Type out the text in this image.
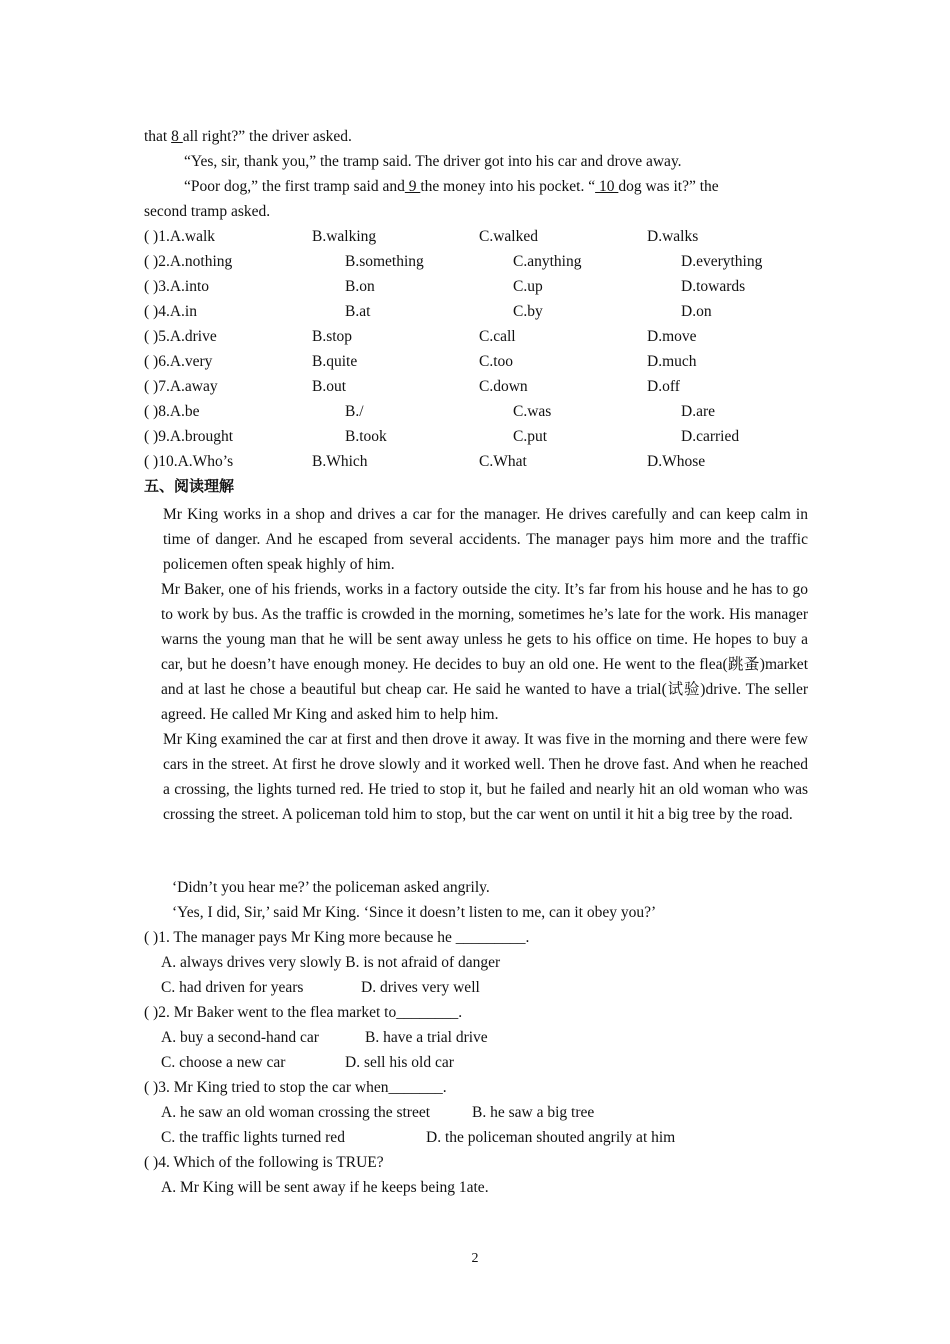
that 8 all right?” the driver asked.
“Yes, sir, thank you,” the tramp said. The driver got into his car and drove away.
“Poor dog,” the first tramp said and 9 the money into his pocket. “ 10 dog was it?” the
second tramp asked.
( )1.A.walk	B.walking	C.walked	D.walks
( )2.A.nothing	B.something	C.anything	D.everything
( )3.A.into	B.on	C.up	D.towards
( )4.A.in	B.at	C.by	D.on
( )5.A.drive	B.stop	C.call	D.move
( )6.A.very	B.quite	C.too	D.much
( )7.A.away	B.out	C.down	D.off
( )8.A.be	B./	C.was	D.are
( )9.A.brought	B.took	C.put	D.carried
( )10.A.Who’s	B.Which	C.What	D.Whose
五、阅读理解
Mr King works in a shop and drives a car for the manager. He drives carefully and can keep calm in time of danger. And he escaped from several accidents. The manager pays him more and the traffic policemen often speak highly of him.
Mr Baker, one of his friends, works in a factory outside the city. It’s far from his house and he has to go to work by bus. As the traffic is crowded in the morning, sometimes he’s late for the work. His manager warns the young man that he will be sent away unless he gets to his office on time. He hopes to buy a car, but he doesn’t have enough money. He decides to buy an old one. He went to the flea(跳蚤)market and at last he chose a beautiful but cheap car. He said he wanted to have a trial(试验)drive. The seller agreed. He called Mr King and asked him to help him.
Mr King examined the car at first and then drove it away. It was five in the morning and there were few cars in the street. At first he drove slowly and it worked well. Then he drove fast. And when he reached a crossing, the lights turned red. He tried to stop it, but he failed and nearly hit an old woman who was crossing the street. A policeman told him to stop, but the car went on until it hit a big tree by the road.
‘Didn’t you hear me?’ the policeman asked angrily.
‘Yes, I did, Sir,’ said Mr King. ‘Since it doesn’t listen to me, can it obey you?’
( )1. The manager pays Mr King more because he _________.
A. always drives very slowly B. is not afraid of danger
C. had driven for years	D. drives very well
( )2. Mr Baker went to the flea market to________.
A. buy a second-hand car	B. have a trial drive
C. choose a new car	D. sell his old car
( )3. Mr King tried to stop the car when_______.
A. he saw an old woman crossing the street	B. he saw a big tree
C. the traffic lights turned red	D. the policeman shouted angrily at him
( )4. Which of the following is TRUE?
A. Mr King will be sent away if he keeps being 1ate.
2
